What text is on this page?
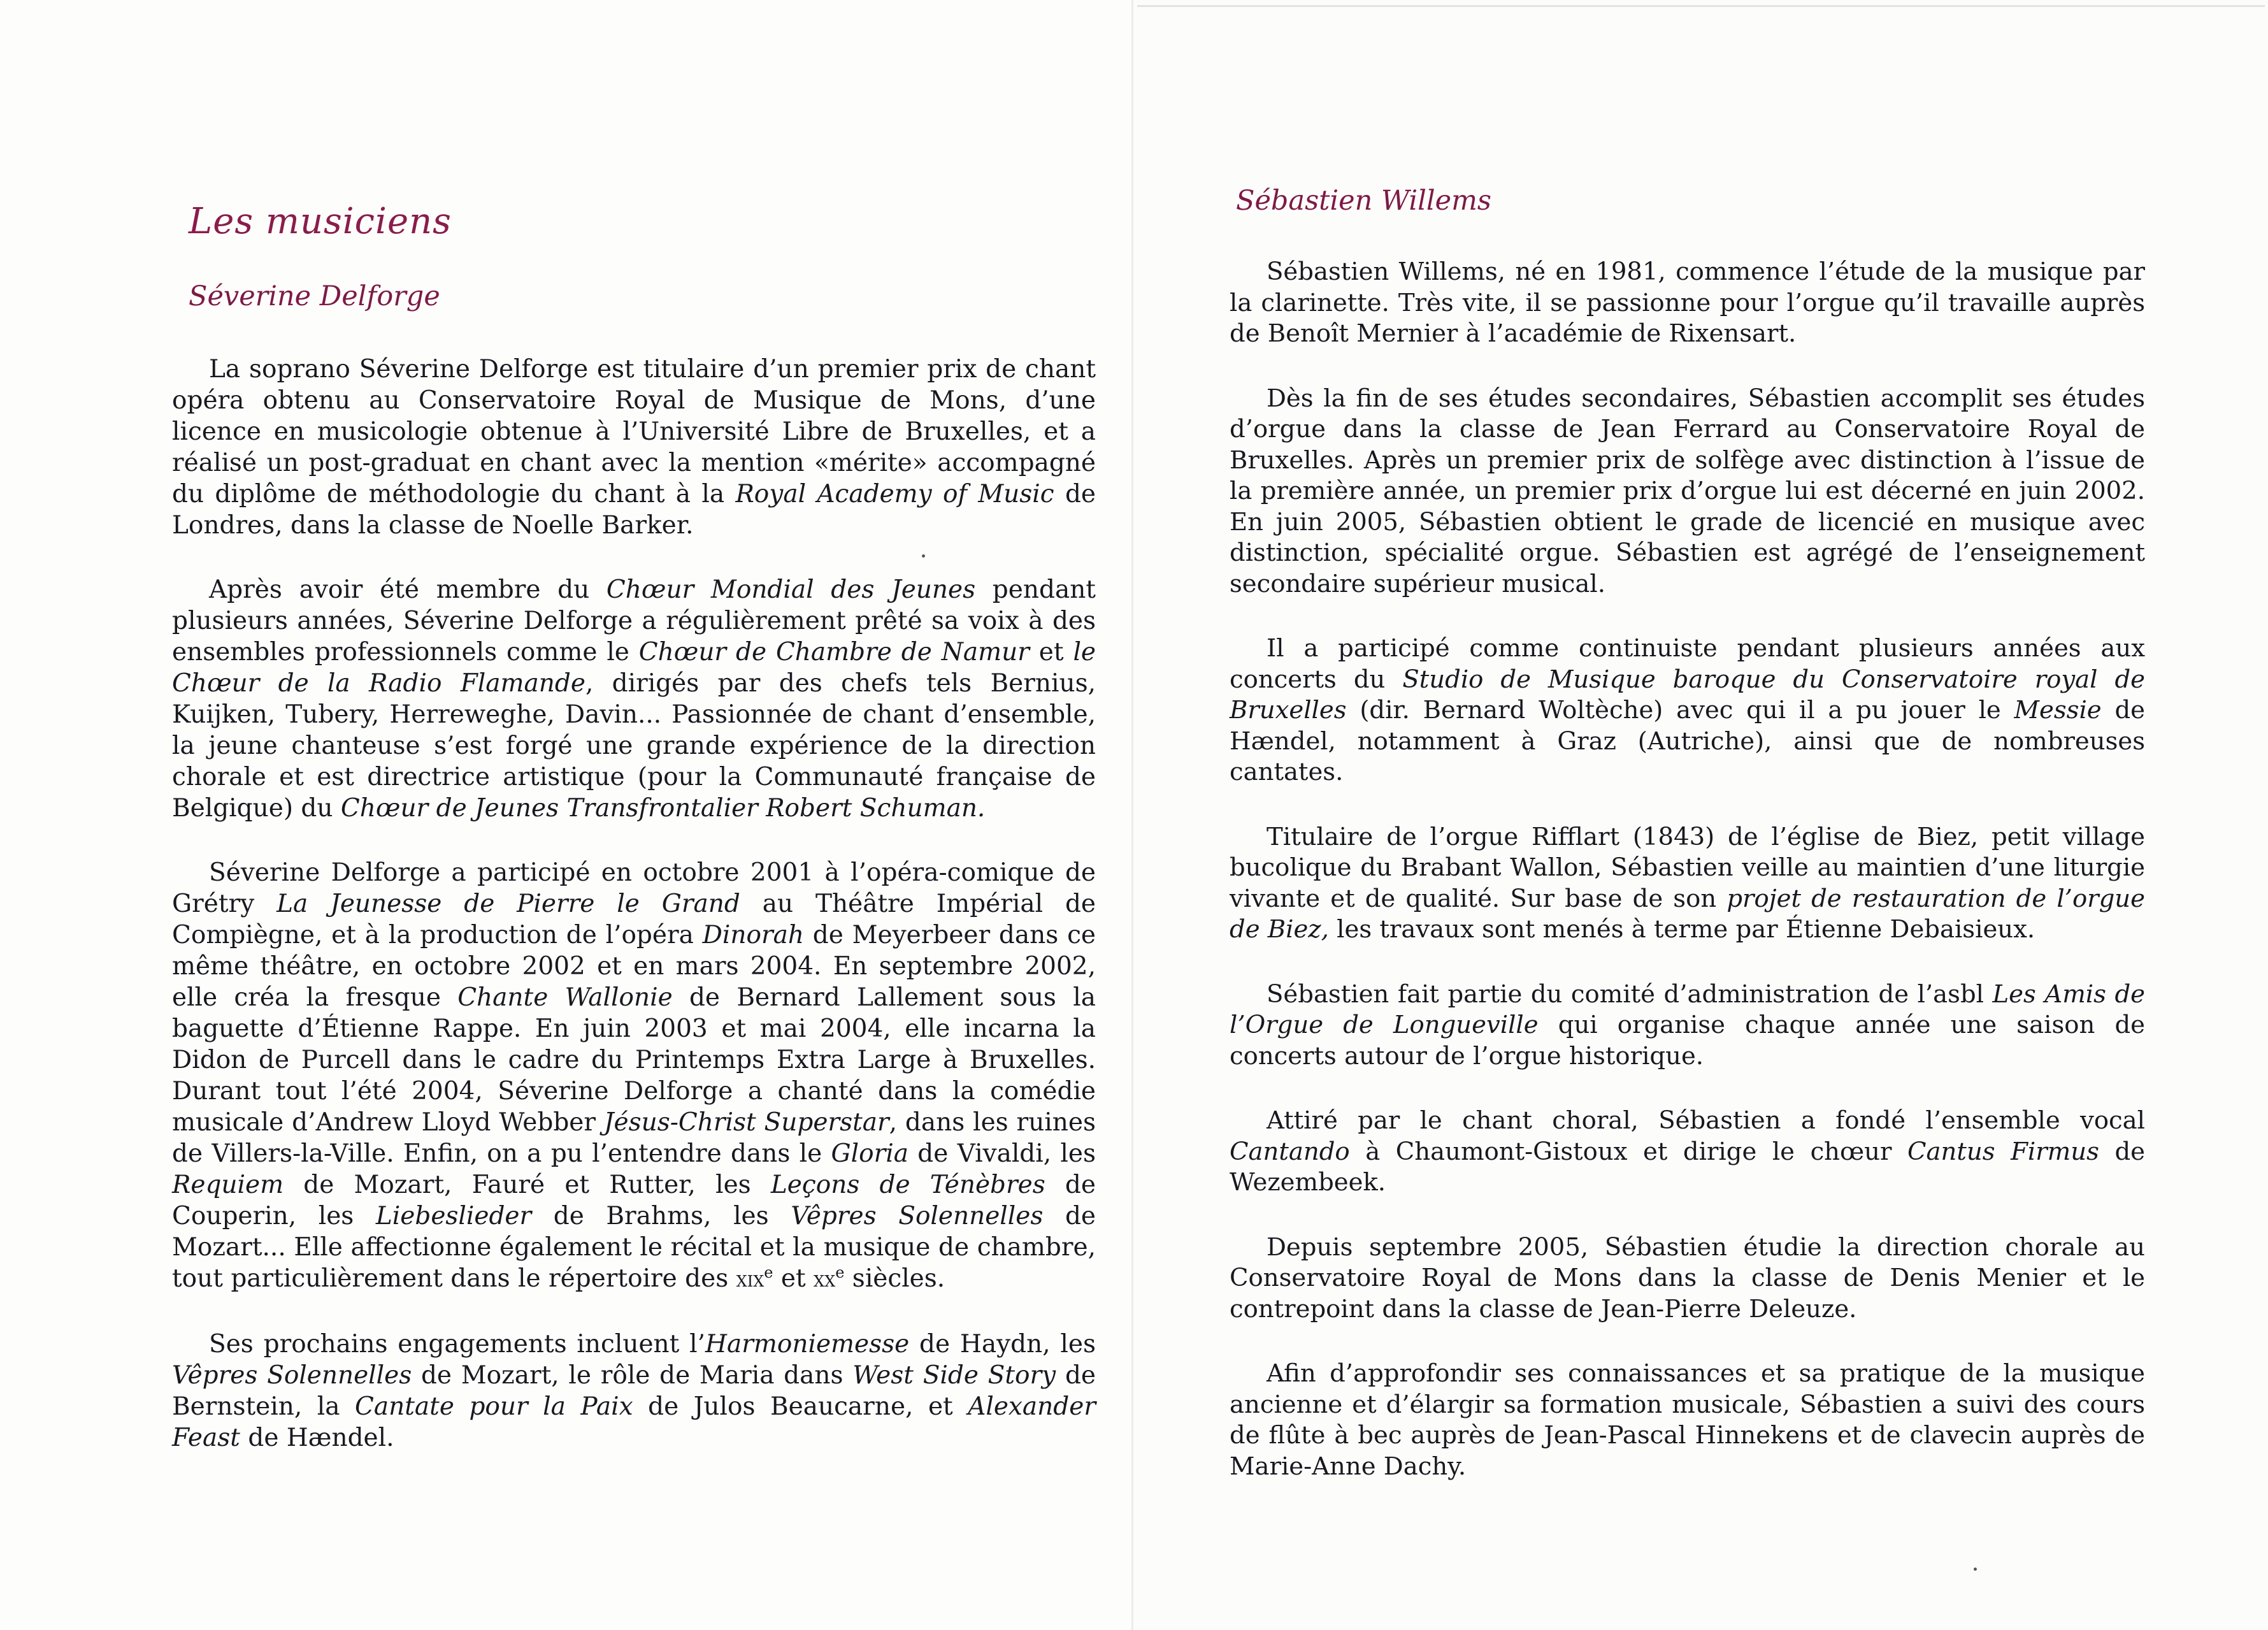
Les musiciens
Séverine Delforge

La soprano Séverine Delforge est titulaire d’un premier prix de chant opéra obtenu au Conservatoire Royal de Musique de Mons, d’une licence en musicologie obtenue à l’Université Libre de Bruxelles, et a réalisé un post-graduat en chant avec la mention «mérite» accompagné du diplôme de méthodologie du chant à la Royal Academy of Music de Londres, dans la classe de Noelle Barker.

Après avoir été membre du Chœur Mondial des Jeunes pendant plusieurs années, Séverine Delforge a régulièrement prêté sa voix à des ensembles professionnels comme le Chœur de Chambre de Namur et le Chœur de la Radio Flamande, dirigés par des chefs tels Bernius, Kuijken, Tubery, Herreweghe, Davin... Passionnée de chant d’ensemble, la jeune chanteuse s’est forgé une grande expérience de la direction chorale et est directrice artistique (pour la Communauté française de Belgique) du Chœur de Jeunes Transfrontalier Robert Schuman.

Séverine Delforge a participé en octobre 2001 à l’opéra-comique de Grétry La Jeunesse de Pierre le Grand au Théâtre Impérial de Compiègne, et à la production de l’opéra Dinorah de Meyerbeer dans ce même théâtre, en octobre 2002 et en mars 2004. En septembre 2002, elle créa la fresque Chante Wallonie de Bernard Lallement sous la baguette d’Étienne Rappe. En juin 2003 et mai 2004, elle incarna la Didon de Purcell dans le cadre du Printemps Extra Large à Bruxelles. Durant tout l’été 2004, Séverine Delforge a chanté dans la comédie musicale d’Andrew Lloyd Webber Jésus-Christ Superstar, dans les ruines de Villers-la-Ville. Enfin, on a pu l’entendre dans le Gloria de Vivaldi, les Requiem de Mozart, Fauré et Rutter, les Leçons de Ténèbres de Couperin, les Liebeslieder de Brahms, les Vêpres Solennelles de Mozart... Elle affectionne également le récital et la musique de chambre, tout particulièrement dans le répertoire des xix$^e$ et $xx^e$ siècles.

Ses prochains engagements incluent l’Harmoniemesse de Haydn, les Vêpres Solennelles de Mozart, le rôle de Maria dans West Side Story de Bernstein, la Cantate pour la Paix de Julos Beaucarne, et Alexander Feast de Hændel.

Sébastien Willems

Sébastien Willems, né en 1981, commence l’étude de la musique par la clarinette. Très vite, il se passionne pour l’orgue qu’il travaille auprès de Benoît Mernier à l’académie de Rixensart.

Dès la fin de ses études secondaires, Sébastien accomplit ses études d’orgue dans la classe de Jean Ferrard au Conservatoire Royal de Bruxelles. Après un premier prix de solfège avec distinction à l’issue de la première année, un premier prix d’orgue lui est décerné en juin 2002. En juin 2005, Sébastien obtient le grade de licencié en musique avec distinction, spécialité orgue. Sébastien est agrégé de l’enseignement secondaire supérieur musical.

Il a participé comme continuiste pendant plusieurs années aux concerts du Studio de Musique baroque du Conservatoire royal de Bruxelles (dir. Bernard Woltèche) avec qui il a pu jouer le Messie de Hændel, notamment à Graz (Autriche), ainsi que de nombreuses cantates.

Titulaire de l’orgue Rifflart (1843) de l’église de Biez, petit village bucolique du Brabant Wallon, Sébastien veille au maintien d’une liturgie vivante et de qualité. Sur base de son projet de restauration de l’orgue de Biez, les travaux sont menés à terme par Étienne Debaisieux.

Sébastien fait partie du comité d’administration de l’asbl Les Amis de l’Orgue de Longueville qui organise chaque année une saison de concerts autour de l’orgue historique.

Attiré par le chant choral, Sébastien a fondé l’ensemble vocal Cantando à Chaumont-Gistoux et dirige le chœur Cantus Firmus de Wezembeek.

Depuis septembre 2005, Sébastien étudie la direction chorale au Conservatoire Royal de Mons dans la classe de Denis Menier et le contrepoint dans la classe de Jean-Pierre Deleuze.

Afin d’approfondir ses connaissances et sa pratique de la musique ancienne et d’élargir sa formation musicale, Sébastien a suivi des cours de flûte à bec auprès de Jean-Pascal Hinnekens et de clavecin auprès de Marie-Anne Dachy.
